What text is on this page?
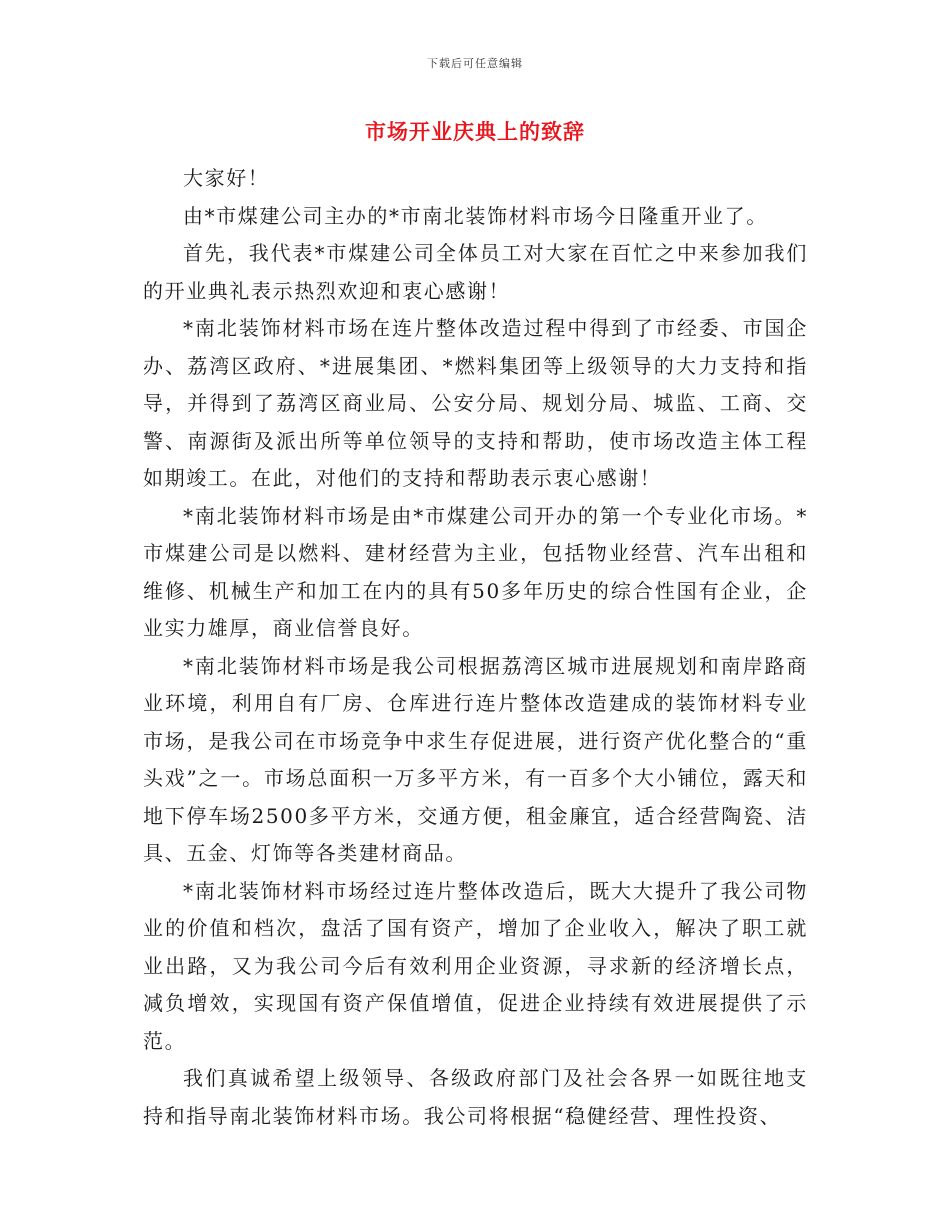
下载后可任意编辑
市场开业庆典上的致辞

大家好！

由*市煤建公司主办的*市南北装饰材料市场今日隆重开业了。

首先，我代表*市煤建公司全体员工对大家在百忙之中来参加我们的开业典礼表示热烈欢迎和衷心感谢！

*南北装饰材料市场在连片整体改造过程中得到了市经委、市国企办、荔湾区政府、*进展集团、*燃料集团等上级领导的大力支持和指导，并得到了荔湾区商业局、公安分局、规划分局、城监、工商、交警、南源街及派出所等单位领导的支持和帮助，使市场改造主体工程如期竣工。在此，对他们的支持和帮助表示衷心感谢！

*南北装饰材料市场是由*市煤建公司开办的第一个专业化市场。*市煤建公司是以燃料、建材经营为主业，包括物业经营、汽车出租和维修、机械生产和加工在内的具有50多年历史的综合性国有企业，企业实力雄厚，商业信誉良好。

*南北装饰材料市场是我公司根据荔湾区城市进展规划和南岸路商业环境，利用自有厂房、仓库进行连片整体改造建成的装饰材料专业市场，是我公司在市场竞争中求生存促进展，进行资产优化整合的“重头戏”之一。市场总面积一万多平方米，有一百多个大小铺位，露天和地下停车场2500多平方米，交通方便，租金廉宜，适合经营陶瓷、洁具、五金、灯饰等各类建材商品。

*南北装饰材料市场经过连片整体改造后，既大大提升了我公司物业的价值和档次，盘活了国有资产，增加了企业收入，解决了职工就业出路，又为我公司今后有效利用企业资源，寻求新的经济增长点，减负增效，实现国有资产保值增值，促进企业持续有效进展提供了示范。

我们真诚希望上级领导、各级政府部门及社会各界一如既往地支持和指导南北装饰材料市场。我公司将根据“稳健经营、理性投资、
